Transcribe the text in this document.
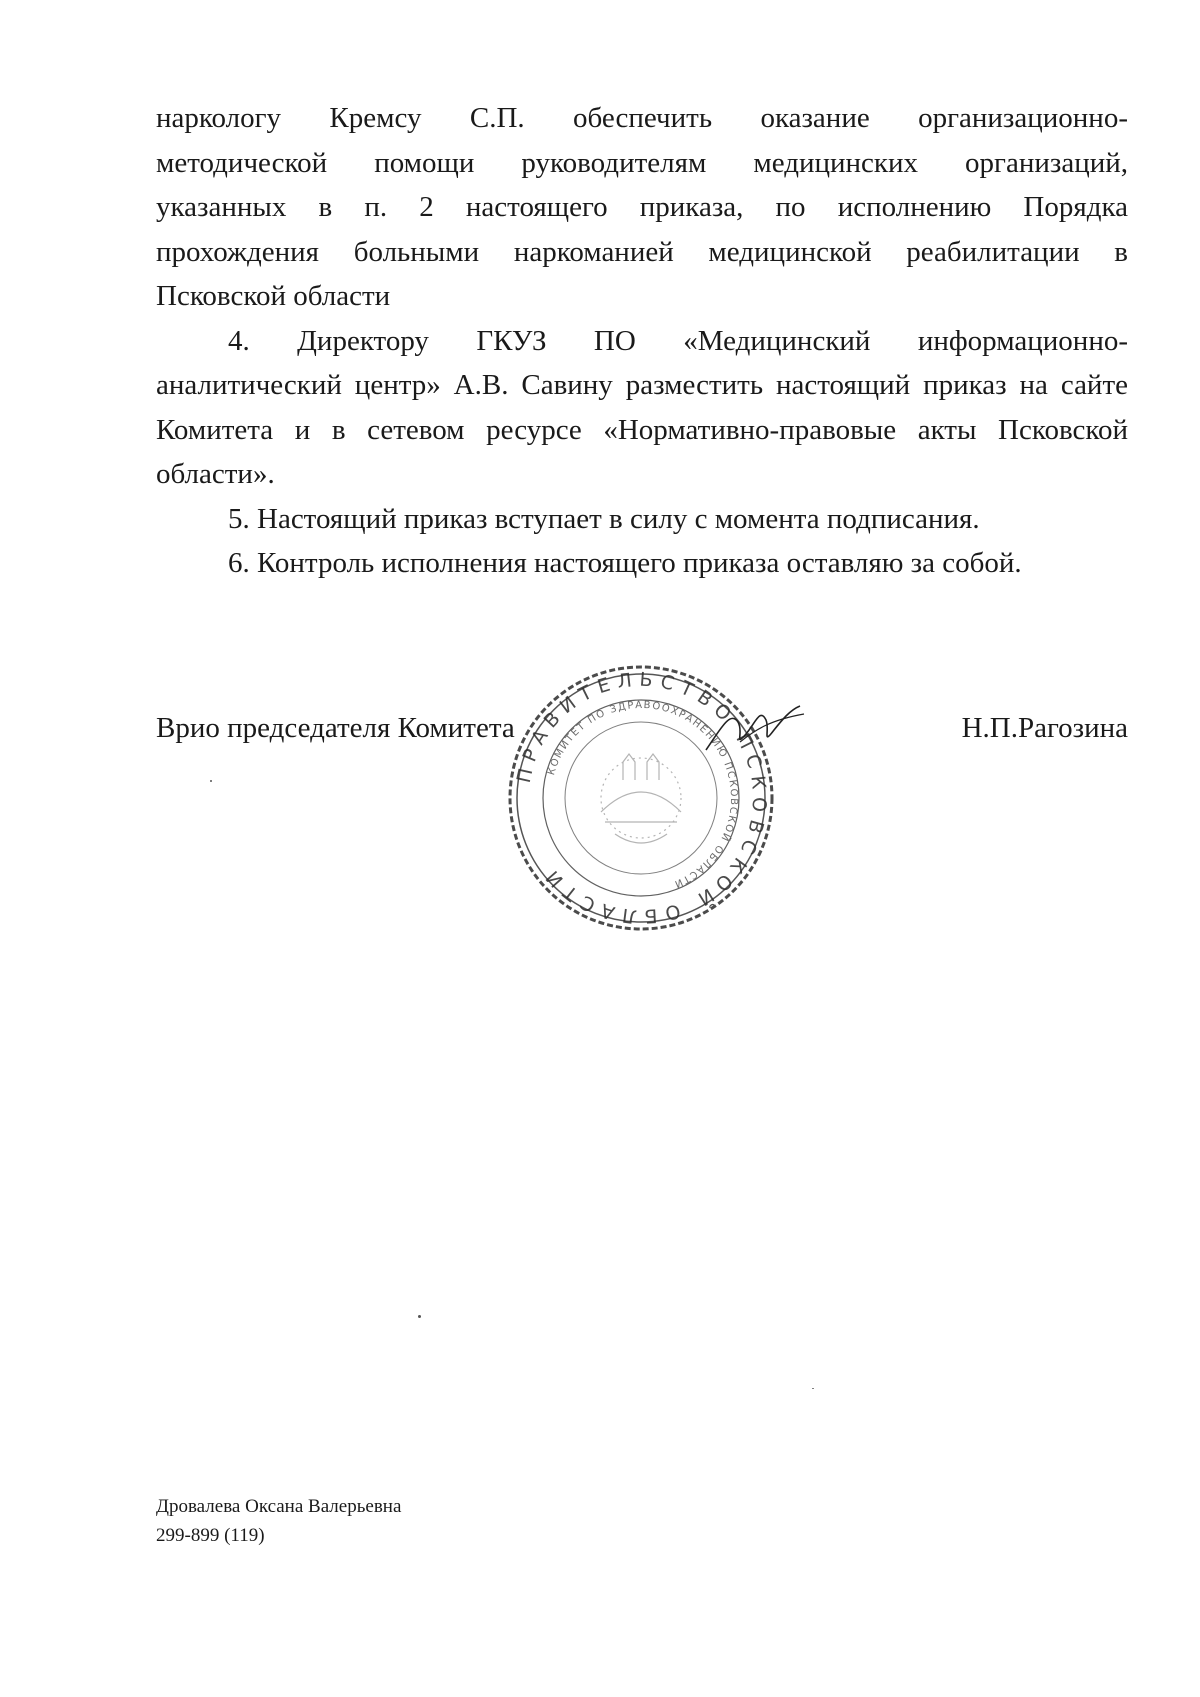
наркологу Кремсу С.П. обеспечить оказание организационно-
методической помощи руководителям медицинских организаций,
указанных в п. 2 настоящего приказа, по исполнению Порядка
прохождения больными наркоманией медицинской реабилитации в
Псковской области

4. Директору ГКУЗ ПО «Медицинский информационно-
аналитический центр» А.В. Савину разместить настоящий приказ на сайте
Комитета и в сетевом ресурсе «Нормативно-правовые акты Псковской
области».

5. Настоящий приказ вступает в силу с момента подписания.

6. Контроль исполнения настоящего приказа оставляю за собой.

ПРАВИТЕЛЬСТВО ПСКОВСКОЙ ОБЛАСТИ
КОМИТЕТ ПО ЗДРАВООХРАНЕНИЮ ПСКОВСКОЙ ОБЛАСТИ
Врио председателя Комитета	Н.П.Рагозина
Дровалева Оксана Валерьевна
299-899 (119)
